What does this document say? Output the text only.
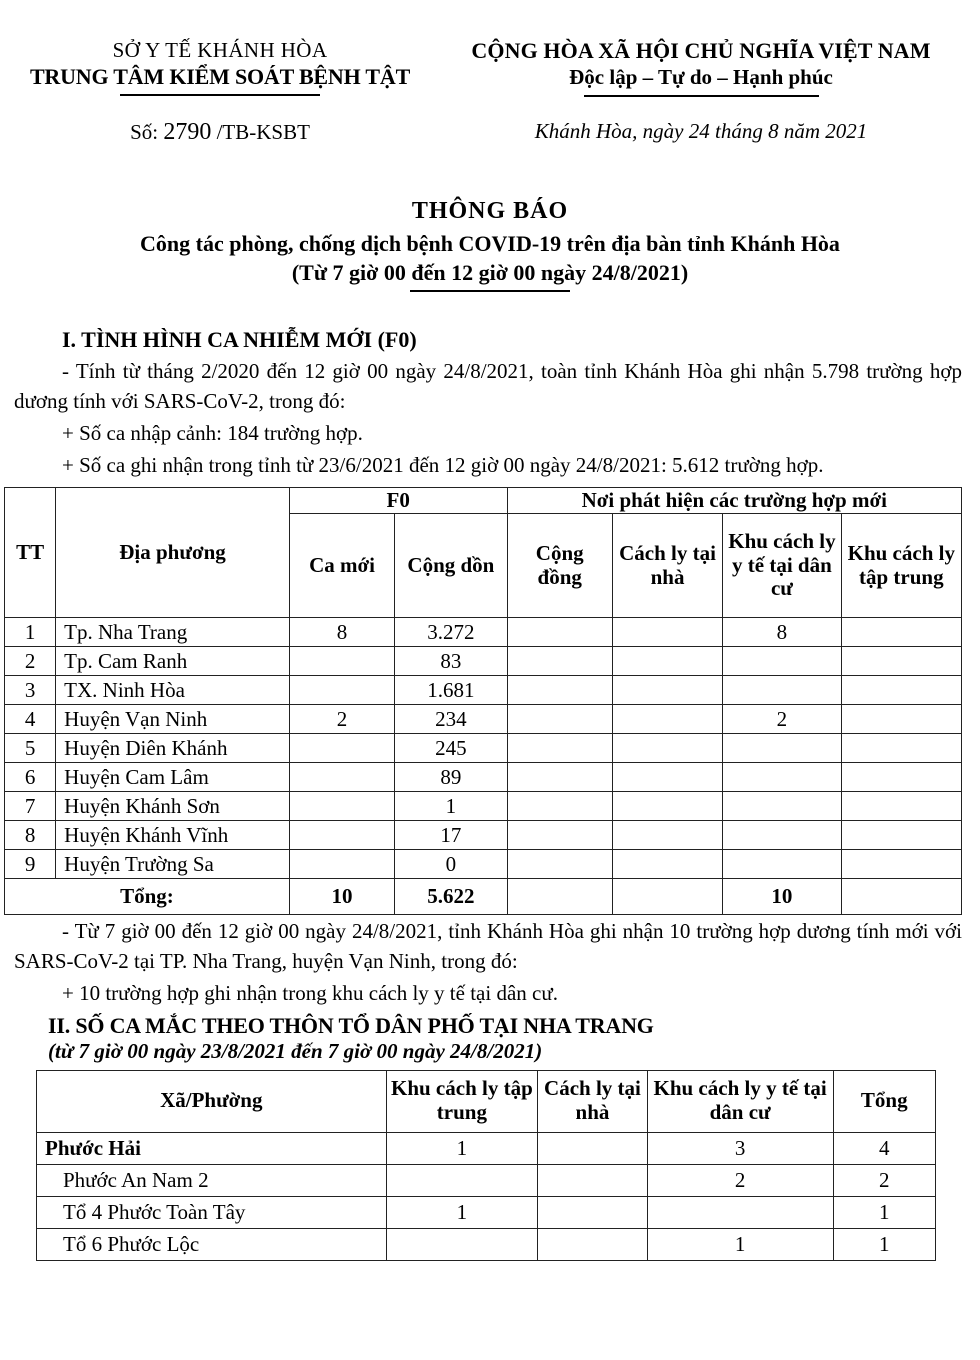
SỞ Y TẾ KHÁNH HÒA
TRUNG TÂM KIỂM SOÁT BỆNH TẬT
CỘNG HÒA XÃ HỘI CHỦ NGHĨA VIỆT NAM
Độc lập – Tự do – Hạnh phúc
Số: 2790 /TB-KSBT	Khánh Hòa, ngày 24 tháng 8 năm 2021
THÔNG BÁO
Công tác phòng, chống dịch bệnh COVID-19 trên địa bàn tỉnh Khánh Hòa
(Từ 7 giờ 00 đến 12 giờ 00 ngày 24/8/2021)
I. TÌNH HÌNH CA NHIỄM MỚI (F0)
- Tính từ tháng 2/2020 đến 12 giờ 00 ngày 24/8/2021, toàn tỉnh Khánh Hòa ghi nhận 5.798 trường hợp dương tính với SARS-CoV-2, trong đó:
+ Số ca nhập cảnh: 184 trường hợp.
+ Số ca ghi nhận trong tỉnh từ 23/6/2021 đến 12 giờ 00 ngày 24/8/2021: 5.612 trường hợp.
TT	Địa phương	F0		Nơi phát hiện các trường hợp mới			
		Ca mới	Cộng dồn	Cộng đồng	Cách ly tại nhà	Khu cách ly y tế tại dân cư	Khu cách ly tập trung
1	Tp. Nha Trang	8	3.272			8	
2	Tp. Cam Ranh		83				
3	TX. Ninh Hòa		1.681				
4	Huyện Vạn Ninh	2	234			2	
5	Huyện Diên Khánh		245				
6	Huyện Cam Lâm		89				
7	Huyện Khánh Sơn		1				
8	Huyện Khánh Vĩnh		17				
9	Huyện Trường Sa		0				
Tổng:		10	5.622			10	
- Từ 7 giờ 00 đến 12 giờ 00 ngày 24/8/2021, tỉnh Khánh Hòa ghi nhận 10 trường hợp dương tính mới với SARS-CoV-2 tại TP. Nha Trang, huyện Vạn Ninh, trong đó:
+ 10 trường hợp ghi nhận trong khu cách ly y tế tại dân cư.
II. SỐ CA MẮC THEO THÔN TỔ DÂN PHỐ TẠI NHA TRANG
(từ 7 giờ 00 ngày 23/8/2021 đến 7 giờ 00 ngày 24/8/2021)
Xã/Phường	Khu cách ly tập trung	Cách ly tại nhà	Khu cách ly y tế tại dân cư	Tổng
Phước Hải	1		3	4
Phước An Nam 2			2	2
Tổ 4 Phước Toàn Tây	1			1
Tổ 6 Phước Lộc			1	1
